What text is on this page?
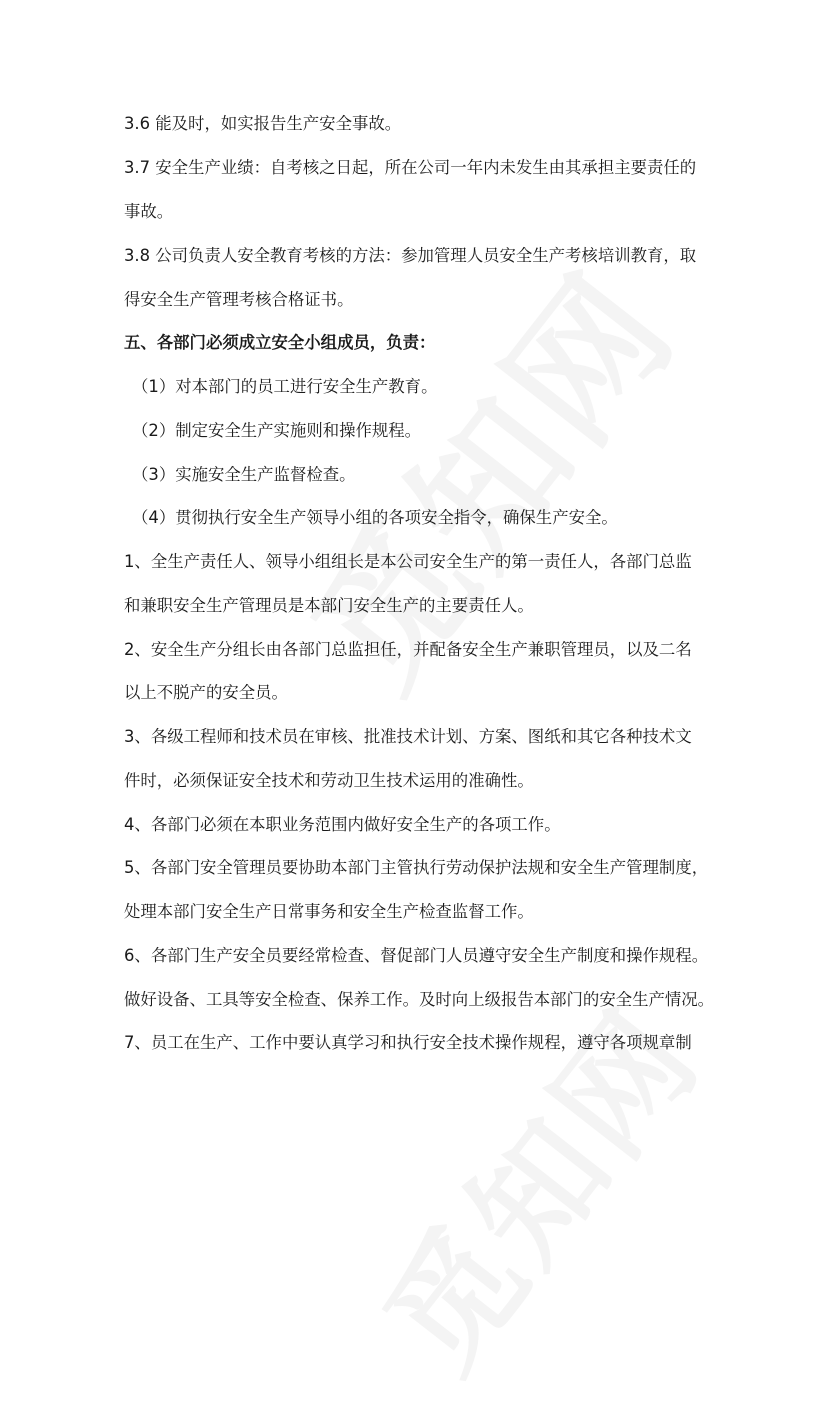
3.6 能及时，如实报告生产安全事故。
3.7 安全生产业绩：自考核之日起，所在公司一年内未发生由其承担主要责任的
事故。
3.8 公司负责人安全教育考核的方法：参加管理人员安全生产考核培训教育，取
得安全生产管理考核合格证书。
五、各部门必须成立安全小组成员，负责：
（1）对本部门的员工进行安全生产教育。
（2）制定安全生产实施则和操作规程。
（3）实施安全生产监督检查。
（4）贯彻执行安全生产领导小组的各项安全指令，确保生产安全。
1、全生产责任人、领导小组组长是本公司安全生产的第一责任人，各部门总监
和兼职安全生产管理员是本部门安全生产的主要责任人。
2、安全生产分组长由各部门总监担任，并配备安全生产兼职管理员，以及二名
以上不脱产的安全员。
3、各级工程师和技术员在审核、批准技术计划、方案、图纸和其它各种技术文
件时，必须保证安全技术和劳动卫生技术运用的准确性。
4、各部门必须在本职业务范围内做好安全生产的各项工作。
5、各部门安全管理员要协助本部门主管执行劳动保护法规和安全生产管理制度，
处理本部门安全生产日常事务和安全生产检查监督工作。
6、各部门生产安全员要经常检查、督促部门人员遵守安全生产制度和操作规程。
做好设备、工具等安全检查、保养工作。及时向上级报告本部门的安全生产情况。
7、员工在生产、工作中要认真学习和执行安全技术操作规程，遵守各项规章制
